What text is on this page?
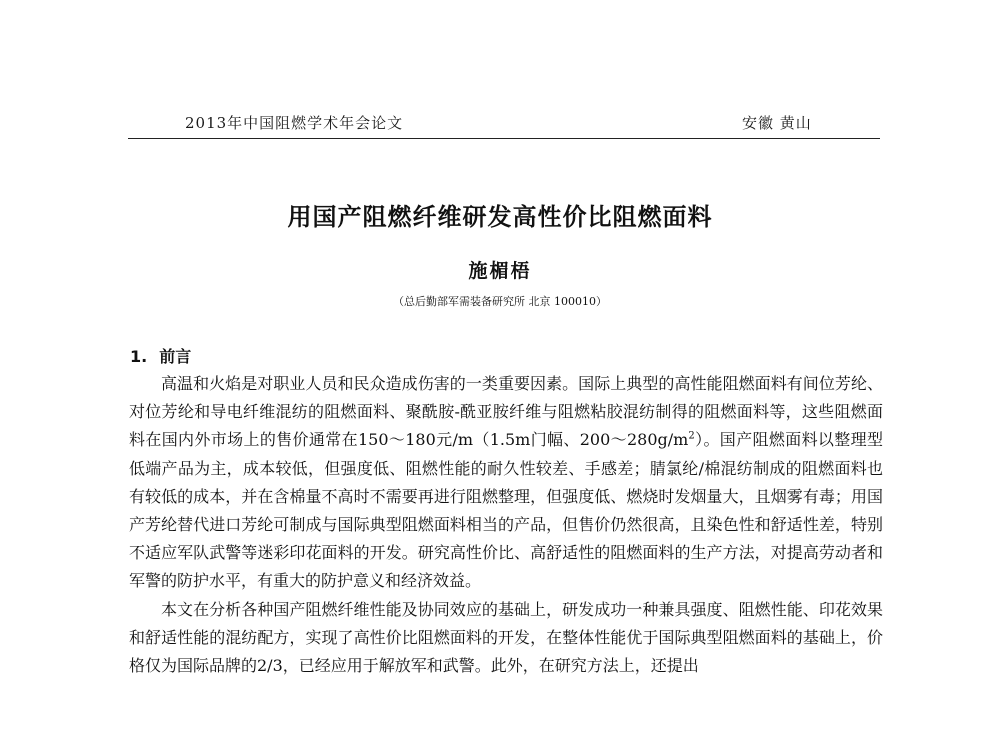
2013年中国阻燃学术年会论文	安徽 黄山
用国产阻燃纤维研发高性价比阻燃面料
施楣梧
（总后勤部军需装备研究所 北京 100010）
1. 前言

高温和火焰是对职业人员和民众造成伤害的一类重要因素。国际上典型的高性能阻燃面料有间位芳纶、对位芳纶和导电纤维混纺的阻燃面料、聚酰胺-酰亚胺纤维与阻燃粘胶混纺制得的阻燃面料等，这些阻燃面料在国内外市场上的售价通常在150～180元/m（1.5m门幅、$200\sim 280g/m^2$）。国产阻燃面料以整理型低端产品为主，成本较低，但强度低、阻燃性能的耐久性较差、手感差；腈氯纶/棉混纺制成的阻燃面料也有较低的成本，并在含棉量不高时不需要再进行阻燃整理，但强度低、燃烧时发烟量大，且烟雾有毒；用国产芳纶替代进口芳纶可制成与国际典型阻燃面料相当的产品，但售价仍然很高，且染色性和舒适性差，特别不适应军队武警等迷彩印花面料的开发。研究高性价比、高舒适性的阻燃面料的生产方法，对提高劳动者和军警的防护水平，有重大的防护意义和经济效益。

本文在分析各种国产阻燃纤维性能及协同效应的基础上，研发成功一种兼具强度、阻燃性能、印花效果和舒适性能的混纺配方，实现了高性价比阻燃面料的开发，在整体性能优于国际典型阻燃面料的基础上，价格仅为国际品牌的2/3，已经应用于解放军和武警。此外，在研究方法上，还提出
